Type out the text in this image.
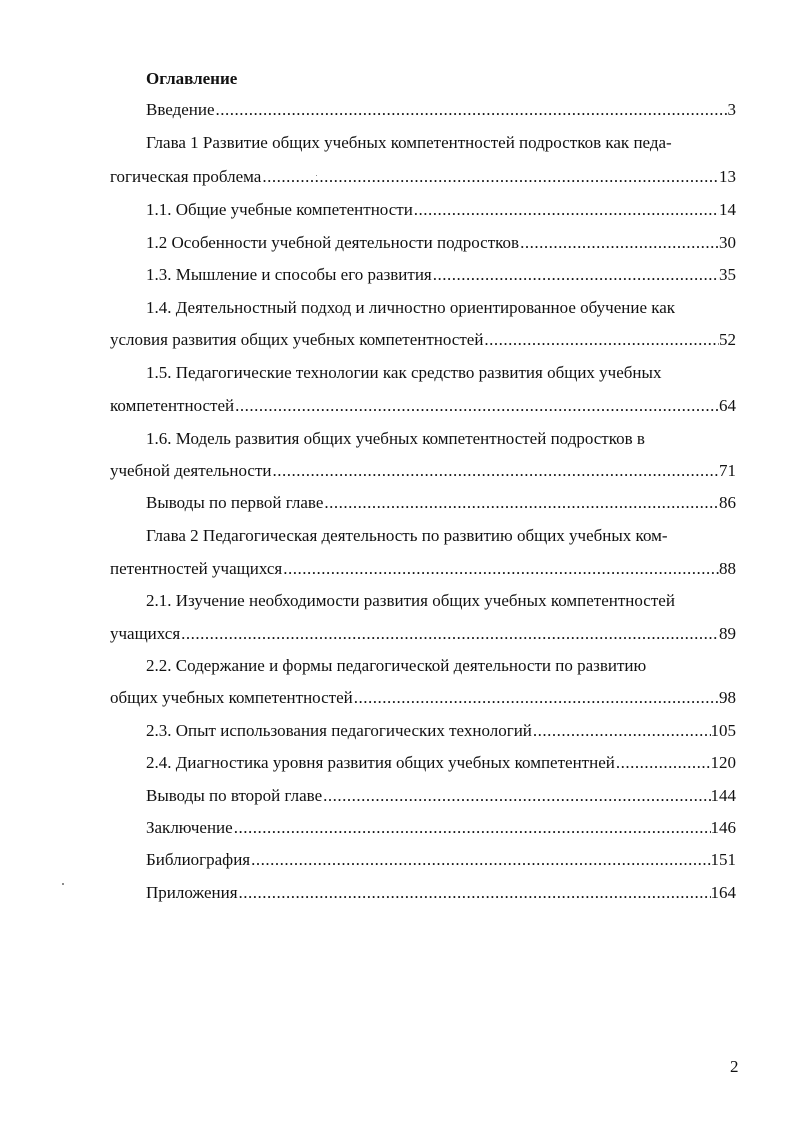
Оглавление
Введение .....	3
Глава 1 Развитие общих учебных компетентностей подростков как педа-
гогическая проблема .....	13
1.1. Общие учебные компетентности .....	14
1.2 Особенности учебной деятельности подростков .....	30
1.3. Мышление и способы его развития .....	35
1.4. Деятельностный подход и личностно ориентированное обучение как
условия развития общих учебных компетентностей .....	52
1.5. Педагогические технологии как средство развития общих учебных
компетентностей .....	64
1.6. Модель развития общих учебных компетентностей подростков в
учебной деятельности .....	71
Выводы по первой главе .....	86
Глава 2 Педагогическая деятельность по развитию общих учебных ком-
петентностей учащихся .....	88
2.1. Изучение необходимости развития общих учебных компетентностей
учащихся .....	89
2.2. Содержание и формы педагогической деятельности по развитию
общих учебных компетентностей .....	98
2.3. Опыт использования педагогических технологий .....	105
2.4. Диагностика уровня развития общих учебных компетентней .....	120
Выводы по второй главе .....	144
Заключение .....	146
Библиография .....	151
Приложения .....	164
2
